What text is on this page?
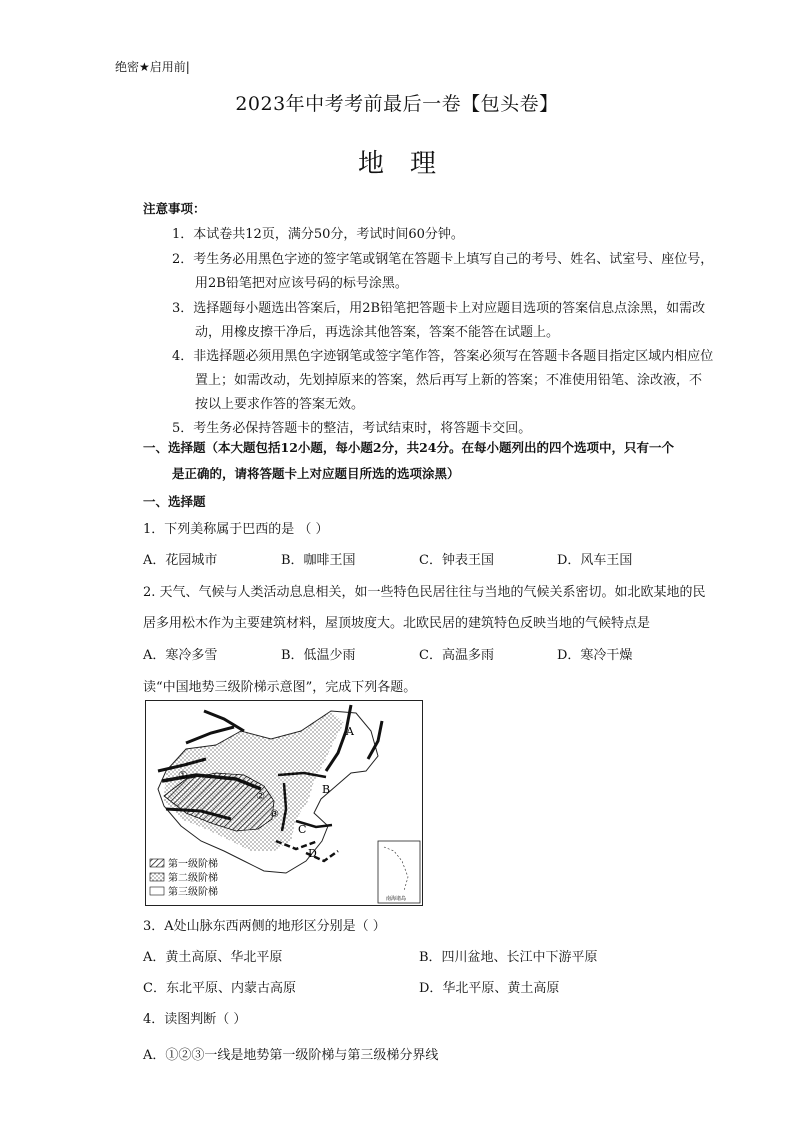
绝密★启用前|
2023年中考考前最后一卷【包头卷】
地理
注意事项：
1．本试卷共12页，满分50分，考试时间60分钟。
2．考生务必用黑色字迹的签字笔或钢笔在答题卡上填写自己的考号、姓名、试室号、座位号，
用2B铅笔把对应该号码的标号涂黑。
3．选择题每小题选出答案后，用2B铅笔把答题卡上对应题目选项的答案信息点涂黑，如需改
动，用橡皮擦干净后，再选涂其他答案，答案不能答在试题上。
4．非选择题必须用黑色字迹钢笔或签字笔作答，答案必须写在答题卡各题目指定区域内相应位
置上；如需改动，先划掉原来的答案，然后再写上新的答案；不准使用铅笔、涂改液，不
按以上要求作答的答案无效。
5．考生务必保持答题卡的整洁，考试结束时，将答题卡交回。
一、选择题（本大题包括12小题，每小题2分，共24分。在每小题列出的四个选项中，只有一个
是正确的，请将答题卡上对应题目所选的选项涂黑）
一、选择题
1．下列美称属于巴西的是 （ ）
A．花园城市	B．咖啡王国	C．钟表王国	D．风车王国
2. 天气、气候与人类活动息息相关，如一些特色民居往往与当地的气候关系密切。如北欧某地的民
居多用松木作为主要建筑材料，屋顶坡度大。北欧民居的建筑特色反映当地的气候特点是
A．寒冷多雪	B．低温少雨	C．高温多雨	D．寒冷干燥
读“中国地势三级阶梯示意图”，完成下列各题。
A
B
C
D
①
②
③
南海诸岛
第一级阶梯
第二级阶梯
第三级阶梯
3．A处山脉东西两侧的地形区分别是（ ）
A．黄土高原、华北平原	B．四川盆地、长江中下游平原
C．东北平原、内蒙古高原	D．华北平原、黄土高原
4．读图判断（ ）
A．①②③一线是地势第一级阶梯与第三级梯分界线
